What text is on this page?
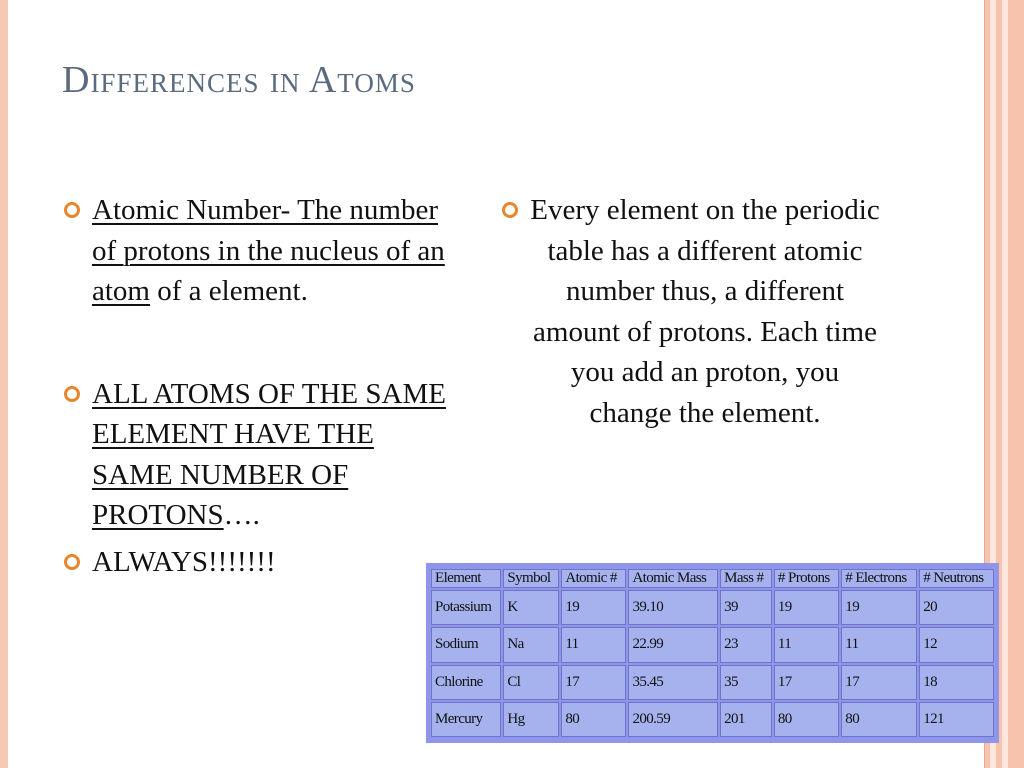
Differences in Atoms
Atomic Number- The number of protons in the nucleus of an atom of a element.
ALL ATOMS OF THE SAME ELEMENT HAVE THE SAME NUMBER OF PROTONS….
ALWAYS!!!!!!!
Every element on the periodic table has a different atomic number thus, a different amount of protons. Each time you add an proton, you change the element.
Element	Symbol	Atomic #	Atomic Mass	Mass #	# Protons	# Electrons	# Neutrons
Potassium	K	19	39.10	39	19	19	20
Sodium	Na	11	22.99	23	11	11	12
Chlorine	Cl	17	35.45	35	17	17	18
Mercury	Hg	80	200.59	201	80	80	121
